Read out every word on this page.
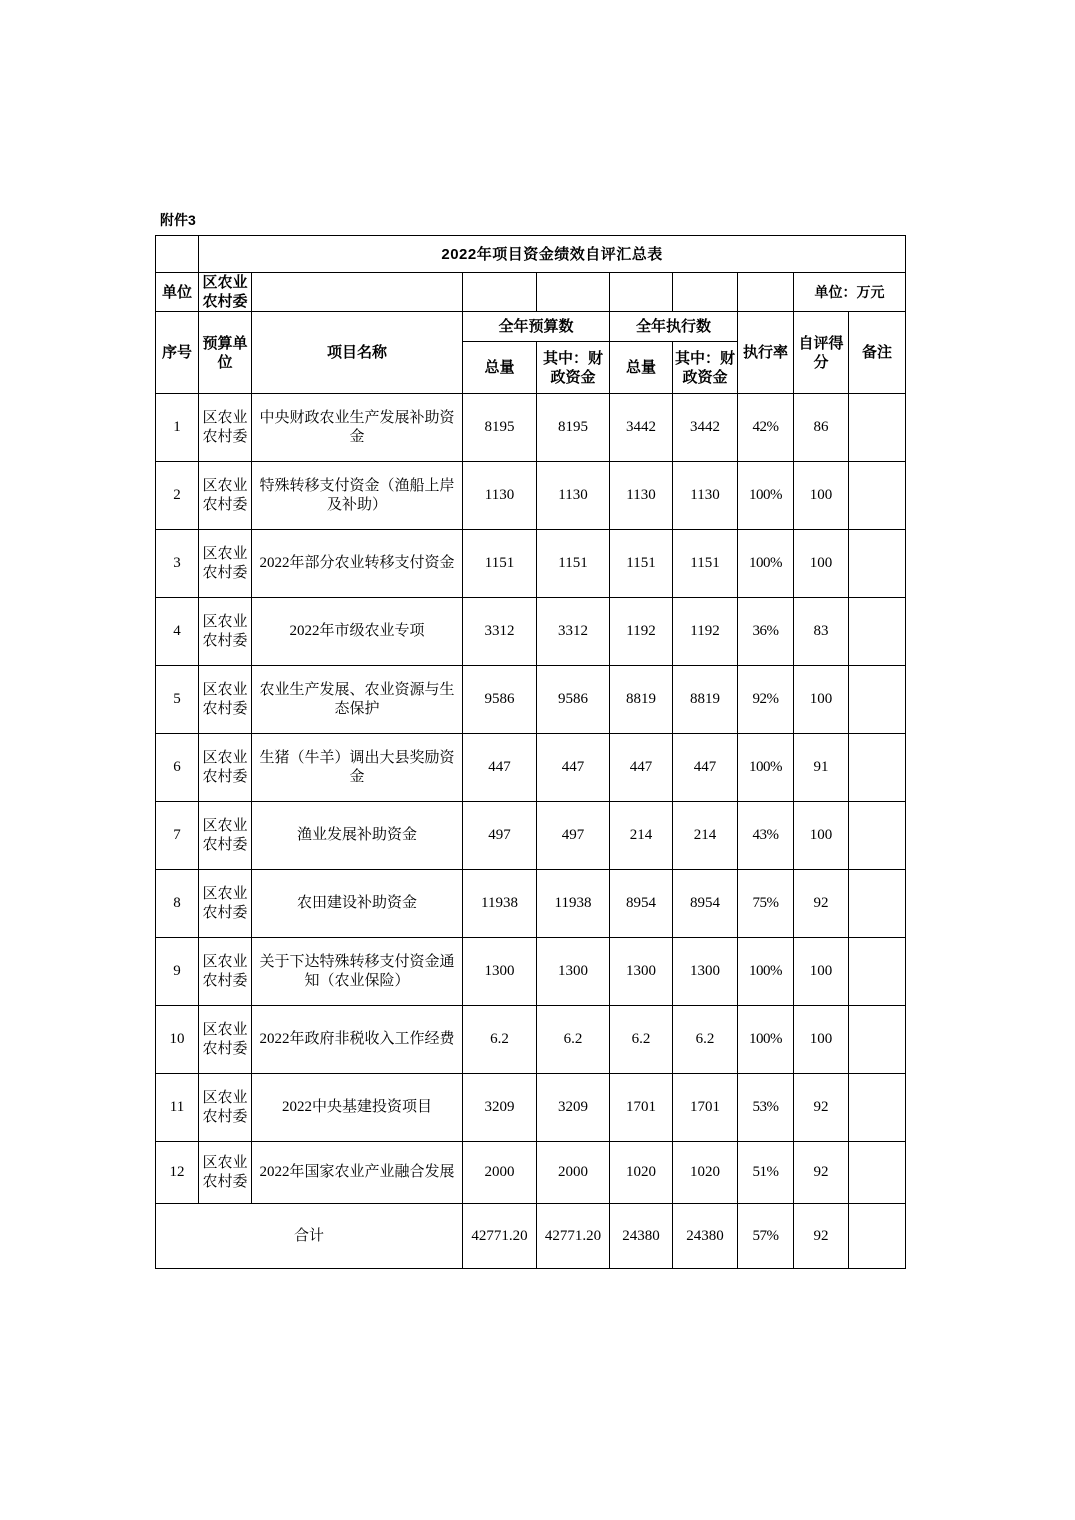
附件3
	2022年项目资金绩效自评汇总表								
单位	区农业农村委							单位：万元	
序号	预算单位	项目名称	全年预算数		全年执行数		执行率	自评得分	备注
			总量	其中：财政资金	总量	其中：财政资金			
1	区农业农村委	中央财政农业生产发展补助资金	8195	8195	3442	3442	42%	86	
2	区农业农村委	特殊转移支付资金（渔船上岸及补助）	1130	1130	1130	1130	100%	100	
3	区农业农村委	2022年部分农业转移支付资金	1151	1151	1151	1151	100%	100	
4	区农业农村委	2022年市级农业专项	3312	3312	1192	1192	36%	83	
5	区农业农村委	农业生产发展、农业资源与生态保护	9586	9586	8819	8819	92%	100	
6	区农业农村委	生猪（牛羊）调出大县奖励资金	447	447	447	447	100%	91	
7	区农业农村委	渔业发展补助资金	497	497	214	214	43%	100	
8	区农业农村委	农田建设补助资金	11938	11938	8954	8954	75%	92	
9	区农业农村委	关于下达特殊转移支付资金通知（农业保险）	1300	1300	1300	1300	100%	100	
10	区农业农村委	2022年政府非税收入工作经费	6.2	6.2	6.2	6.2	100%	100	
11	区农业农村委	2022中央基建投资项目	3209	3209	1701	1701	53%	92	
12	区农业农村委	2022年国家农业产业融合发展	2000	2000	1020	1020	51%	92	
合计			42771.20	42771.20	24380	24380	57%	92	
